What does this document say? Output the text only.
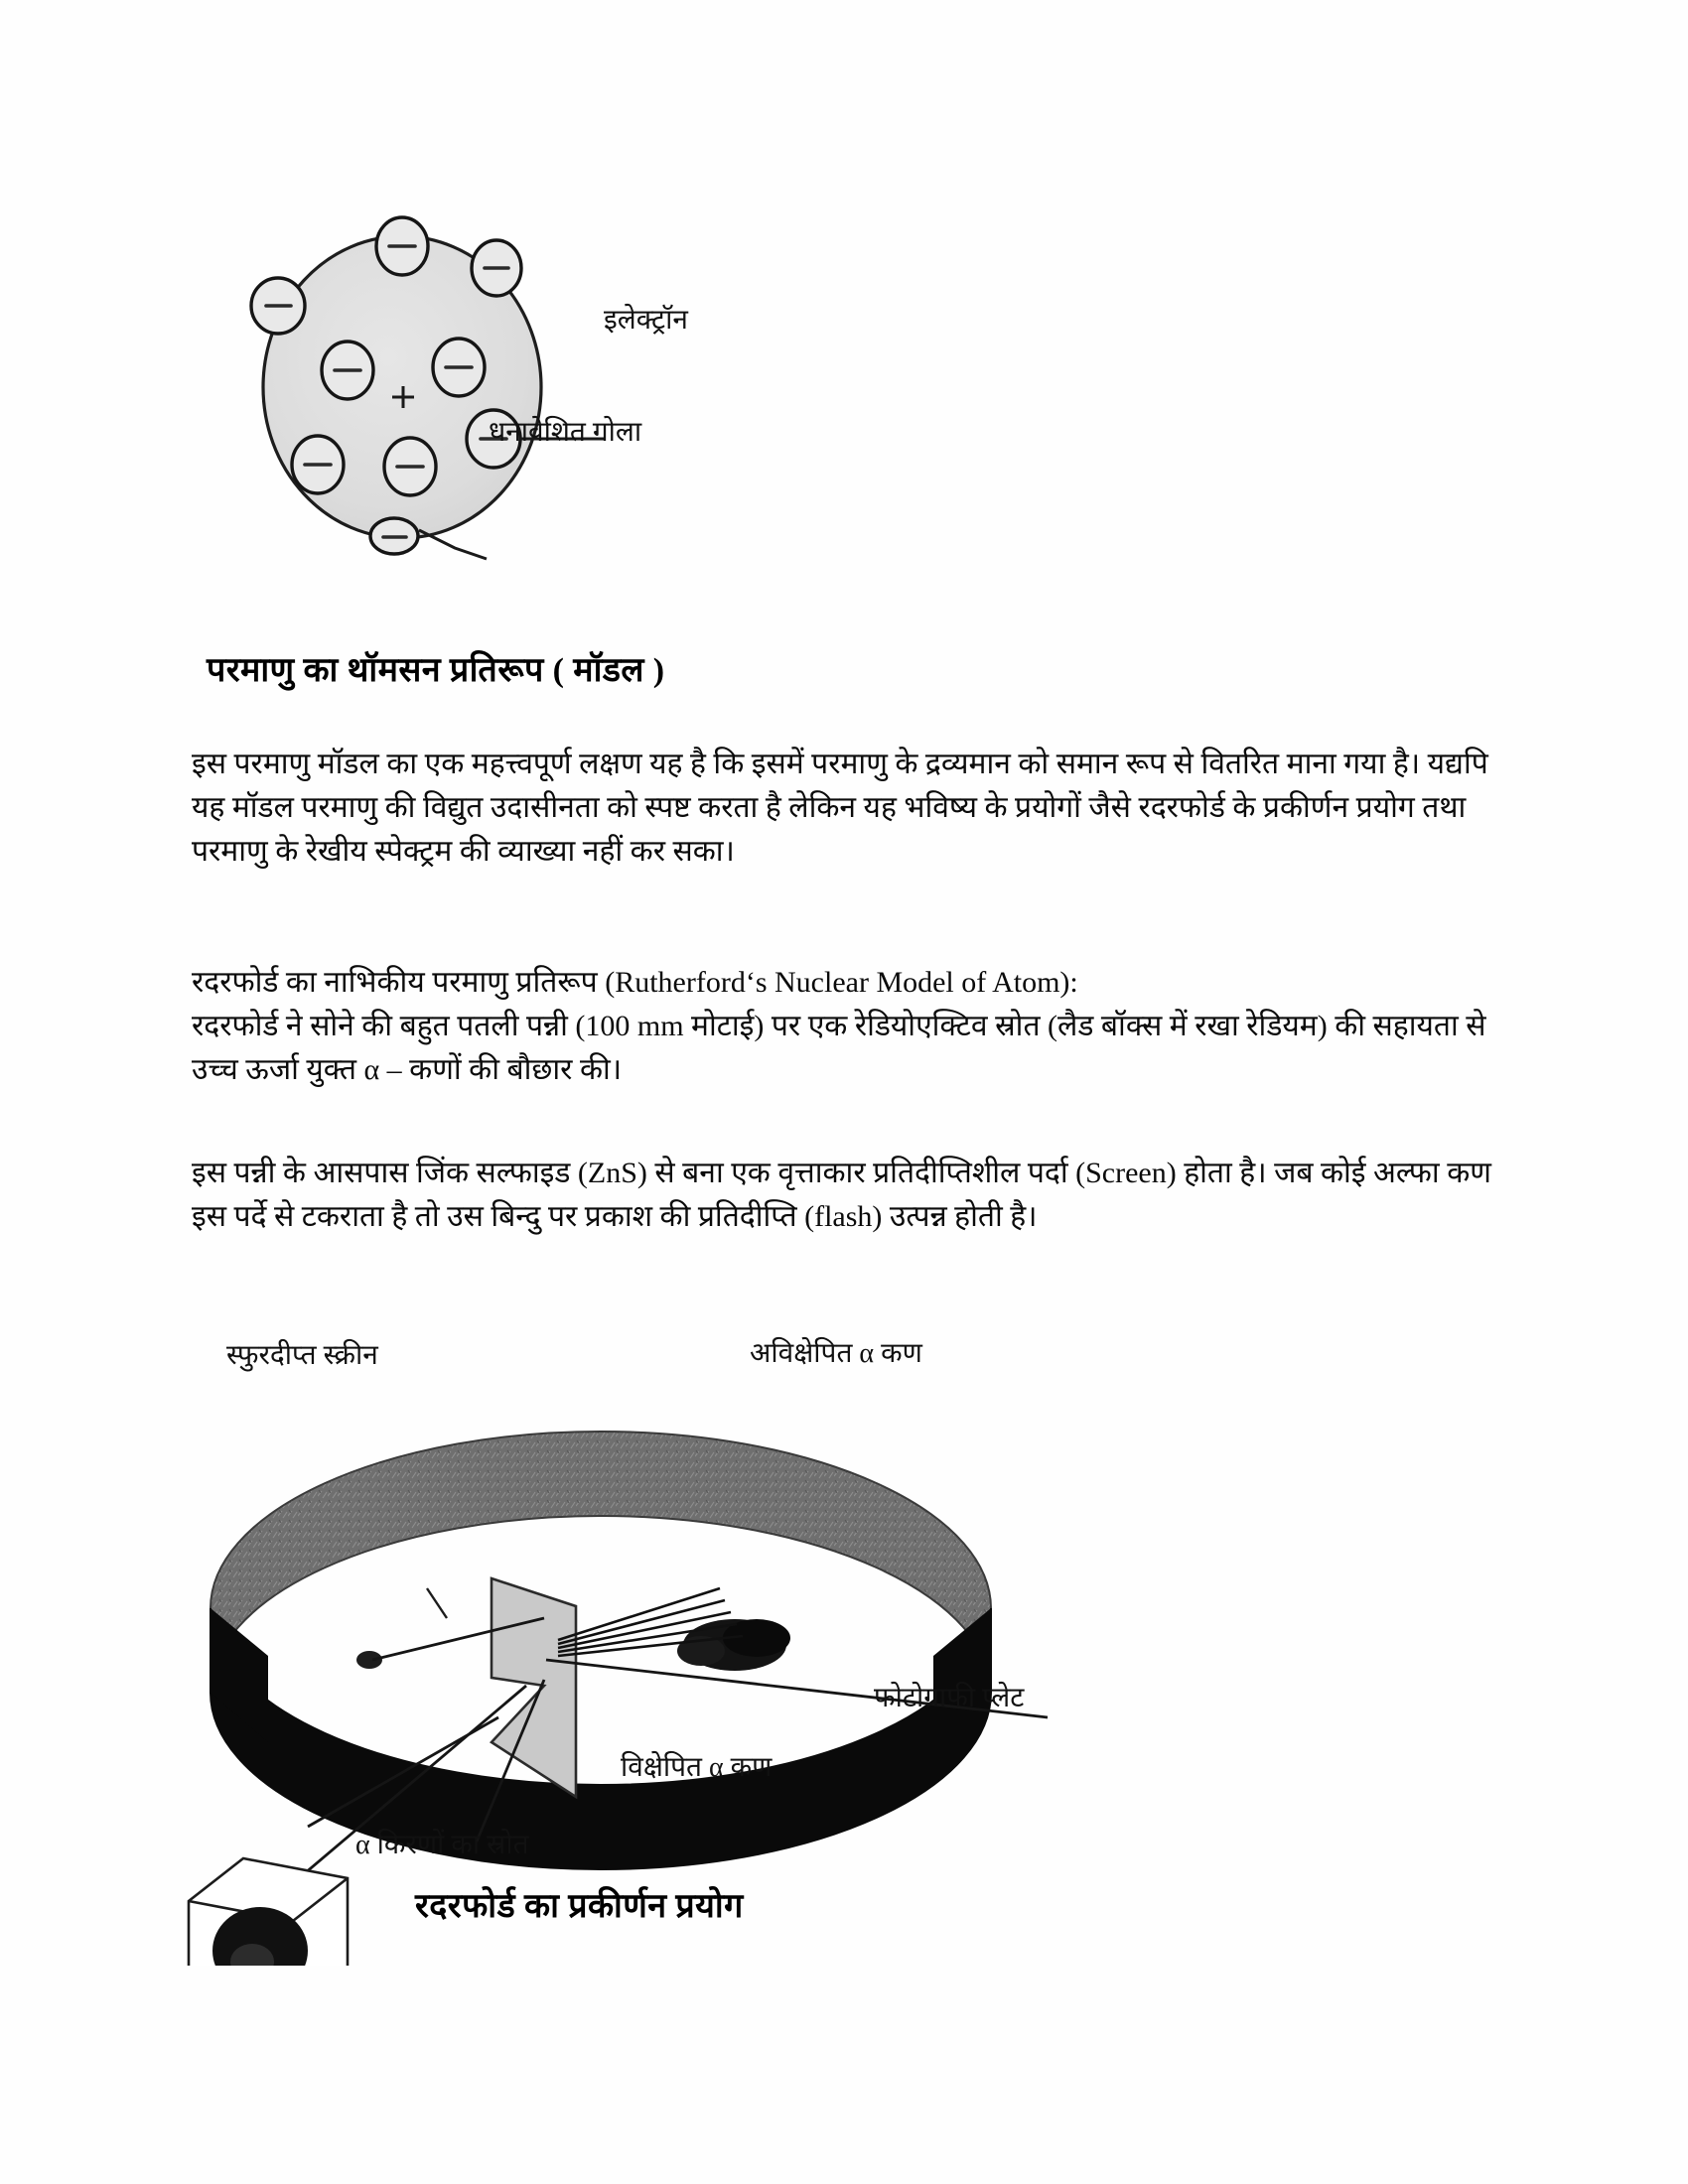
इलेक्ट्रॉन
धनावेशित गोला
परमाणु का थॉमसन प्रतिरूप ( मॉडल )

इस परमाणु मॉडल का एक महत्त्वपूर्ण लक्षण यह है कि इसमें परमाणु के द्रव्यमान को समान रूप से वितरित माना गया है। यद्यपि यह मॉडल परमाणु की विद्युत उदासीनता को स्पष्ट करता है लेकिन यह भविष्य के प्रयोगों जैसे रदरफोर्ड के प्रकीर्णन प्रयोग तथा परमाणु के रेखीय स्पेक्ट्रम की व्याख्या नहीं कर सका।

रदरफोर्ड का नाभिकीय परमाणु प्रतिरूप (Rutherford‘s Nuclear Model of Atom):

रदरफोर्ड ने सोने की बहुत पतली पन्नी (100 mm मोटाई) पर एक रेडियोएक्टिव स्रोत (लैड बॉक्स में रखा रेडियम) की सहायता से उच्च ऊर्जा युक्त α – कणों की बौछार की।

इस पन्नी के आसपास जिंक सल्फाइड (ZnS) से बना एक वृत्ताकार प्रतिदीप्तिशील पर्दा (Screen) होता है। जब कोई अल्फा कण इस पर्दे से टकराता है तो उस बिन्दु पर प्रकाश की प्रतिदीप्ति (flash) उत्पन्न होती है।

स्फुरदीप्त स्क्रीन	अविक्षेपित α कण
फोटोग्राफी प्लेट
विक्षेपित α कण
α किरणों का स्रोत
रदरफोर्ड का प्रकीर्णन प्रयोग
